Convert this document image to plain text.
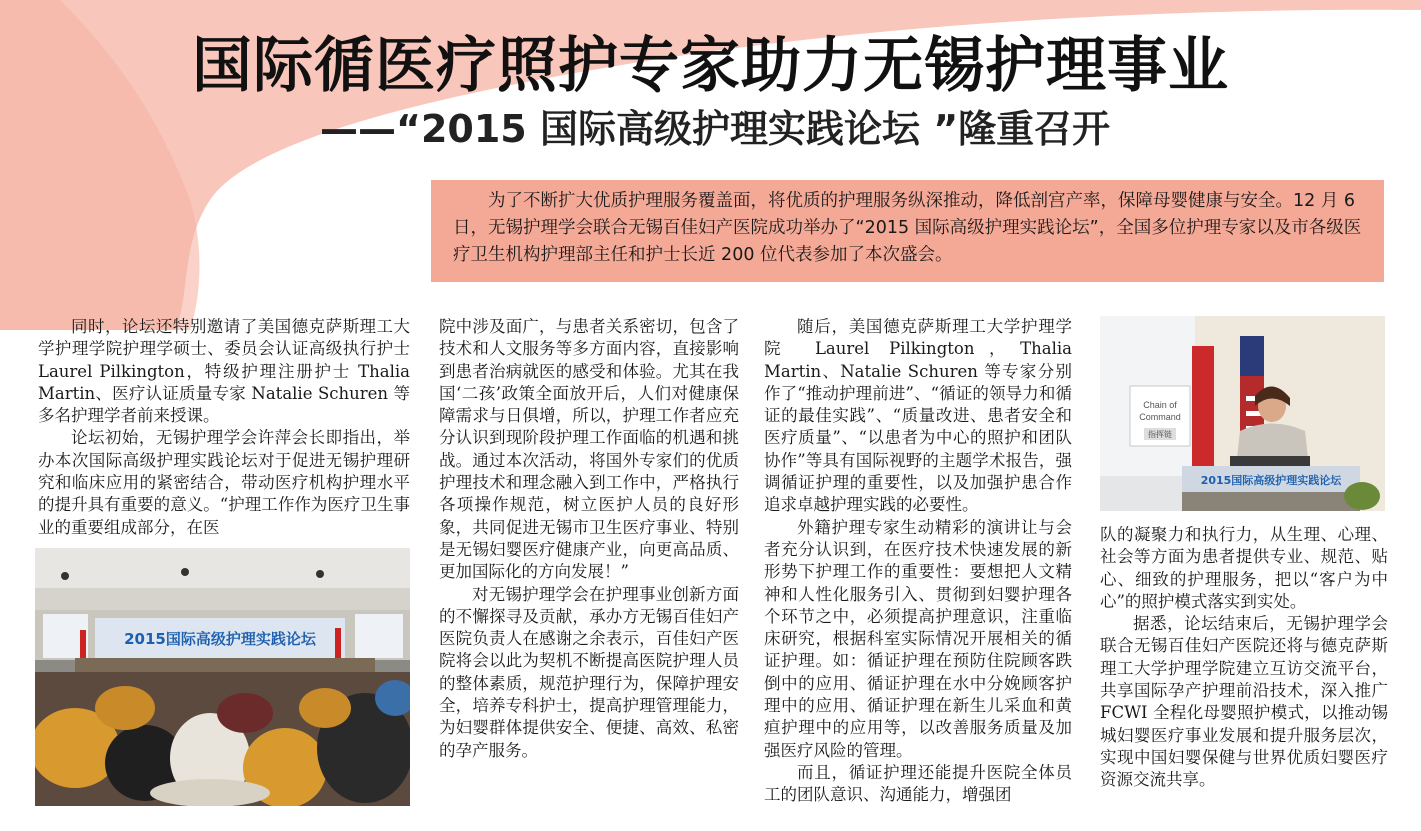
国际循医疗照护专家助力无锡护理事业
——“2015 国际高级护理实践论坛 ”隆重召开

为了不断扩大优质护理服务覆盖面，将优质的护理服务纵深推动，降低剖宫产率，保障母婴健康与安全。12 月 6 日，无锡护理学会联合无锡百佳妇产医院成功举办了“2015 国际高级护理实践论坛”，全国多位护理专家以及市各级医疗卫生机构护理部主任和护士长近 200 位代表参加了本次盛会。

同时，论坛还特别邀请了美国德克萨斯理工大学护理学院护理学硕士、委员会认证高级执行护士 Laurel Pilkington，特级护理注册护士 Thalia Martin、医疗认证质量专家 Natalie Schuren 等多名护理学者前来授课。

论坛初始，无锡护理学会许萍会长即指出，举办本次国际高级护理实践论坛对于促进无锡护理研究和临床应用的紧密结合，带动医疗机构护理水平的提升具有重要的意义。“护理工作作为医疗卫生事业的重要组成部分，在医

2015国际高级护理实践论坛

院中涉及面广，与患者关系密切，包含了技术和人文服务等多方面内容，直接影响到患者治病就医的感受和体验。尤其在我国‘二孩’政策全面放开后，人们对健康保障需求与日俱增，所以，护理工作者应充分认识到现阶段护理工作面临的机遇和挑战。通过本次活动，将国外专家们的优质护理技术和理念融入到工作中，严格执行各项操作规范，树立医护人员的良好形象，共同促进无锡市卫生医疗事业、特别是无锡妇婴医疗健康产业，向更高品质、更加国际化的方向发展！”

对无锡护理学会在护理事业创新方面的不懈探寻及贡献，承办方无锡百佳妇产医院负责人在感谢之余表示，百佳妇产医院将会以此为契机不断提高医院护理人员的整体素质，规范护理行为，保障护理安全，培养专科护士，提高护理管理能力，为妇婴群体提供安全、便捷、高效、私密的孕产服务。

随后，美国德克萨斯理工大学护理学院 Laurel Pilkington，Thalia Martin、Natalie Schuren 等专家分别作了“推动护理前进”、“循证的领导力和循证的最佳实践”、“质量改进、患者安全和医疗质量”、“以患者为中心的照护和团队协作”等具有国际视野的主题学术报告，强调循证护理的重要性，以及加强护患合作追求卓越护理实践的必要性。

外籍护理专家生动精彩的演讲让与会者充分认识到，在医疗技术快速发展的新形势下护理工作的重要性：要想把人文精神和人性化服务引入、贯彻到妇婴护理各个环节之中，必须提高护理意识，注重临床研究，根据科室实际情况开展相关的循证护理。如：循证护理在预防住院顾客跌倒中的应用、循证护理在水中分娩顾客护理中的应用、循证护理在新生儿采血和黄疸护理中的应用等，以改善服务质量及加强医疗风险的管理。

而且，循证护理还能提升医院全体员工的团队意识、沟通能力，增强团

Chain of
Command
指挥链
2015国际高级护理实践论坛

队的凝聚力和执行力，从生理、心理、社会等方面为患者提供专业、规范、贴心、细致的护理服务，把以“客户为中心”的照护模式落实到实处。

据悉，论坛结束后，无锡护理学会联合无锡百佳妇产医院还将与德克萨斯理工大学护理学院建立互访交流平台，共享国际孕产护理前沿技术，深入推广 FCWI 全程化母婴照护模式，以推动锡城妇婴医疗事业发展和提升服务层次，实现中国妇婴保健与世界优质妇婴医疗资源交流共享。
